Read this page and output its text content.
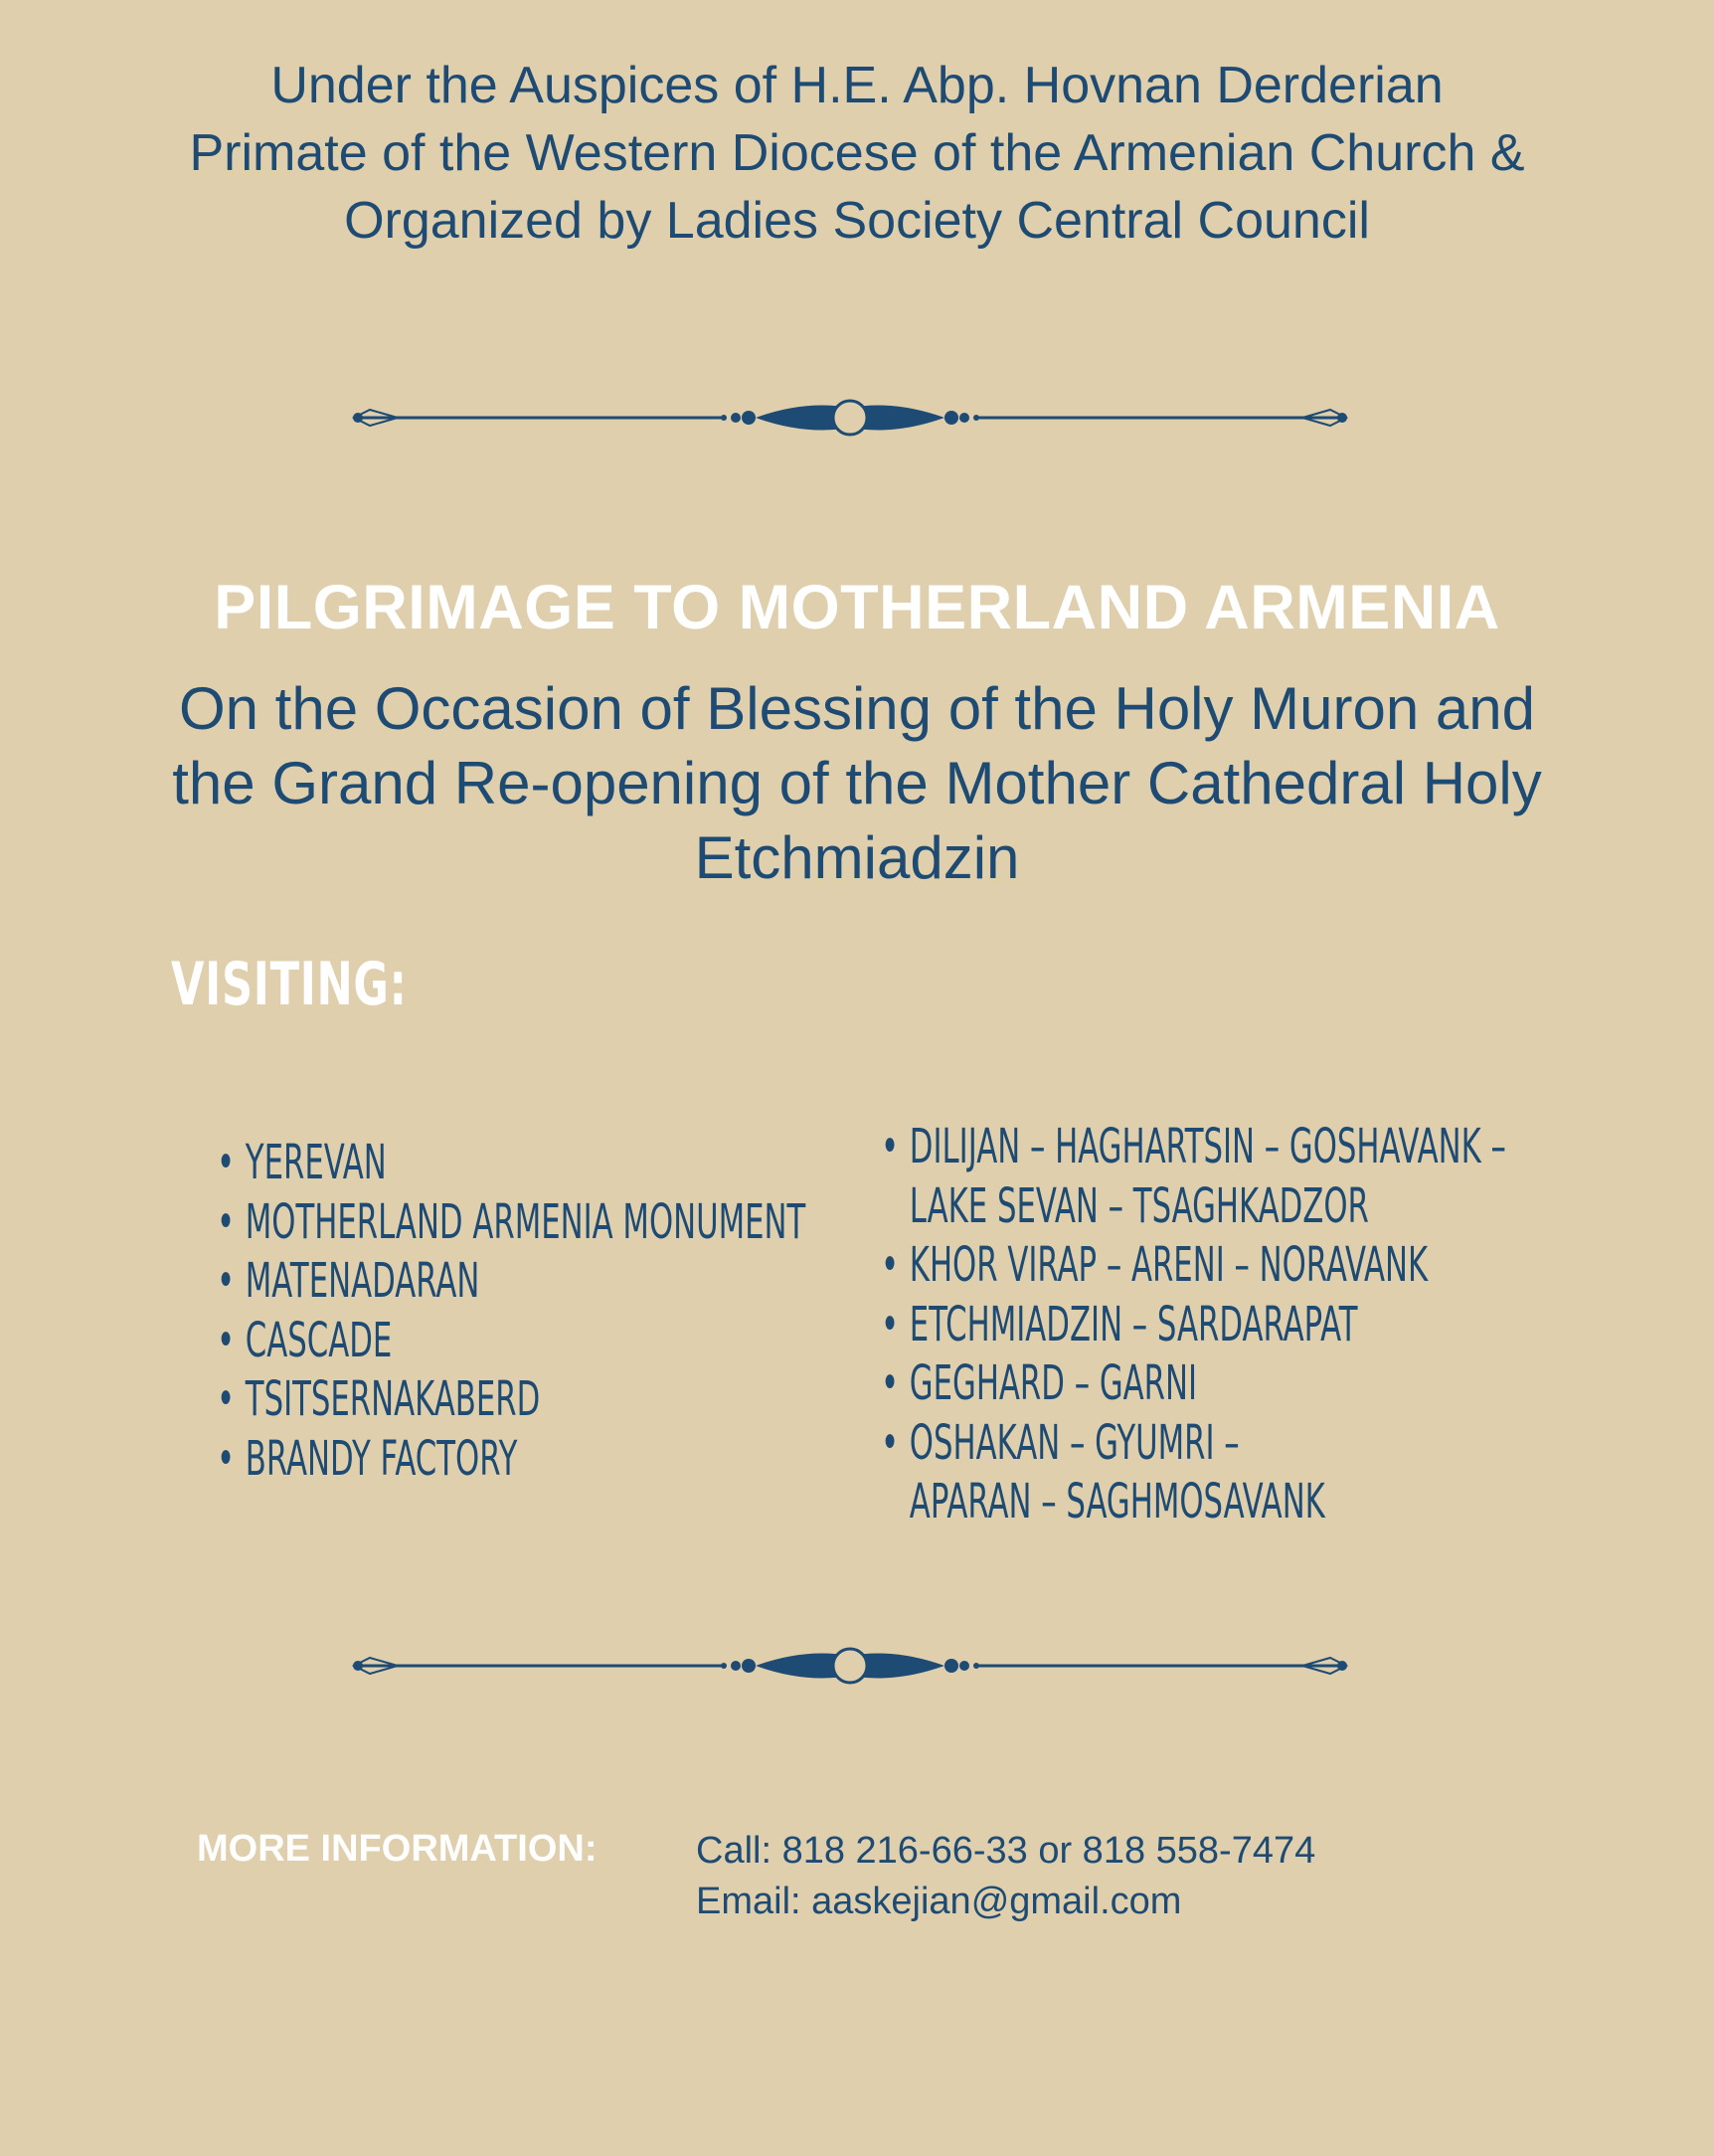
Under the Auspices of H.E. Abp. Hovnan Derderian
Primate of the Western Diocese of the Armenian Church &
Organized by Ladies Society Central Council
PILGRIMAGE TO MOTHERLAND ARMENIA
On the Occasion of Blessing of the Holy Muron and
the Grand Re-opening of the Mother Cathedral Holy
Etchmiadzin
VISITING:
• YEREVAN
• MOTHERLAND ARMENIA MONUMENT
• MATENADARAN
• CASCADE
• TSITSERNAKABERD
• BRANDY FACTORY
• DILIJAN – HAGHARTSIN – GOSHAVANK –
LAKE SEVAN – TSAGHKADZOR
• KHOR VIRAP – ARENI – NORAVANK
• ETCHMIADZIN – SARDARAPAT
• GEGHARD – GARNI
• OSHAKAN – GYUMRI –
APARAN – SAGHMOSAVANK
MORE INFORMATION:	Call: 818 216-66-33 or 818 558-7474
Email: aaskejian@gmail.com
